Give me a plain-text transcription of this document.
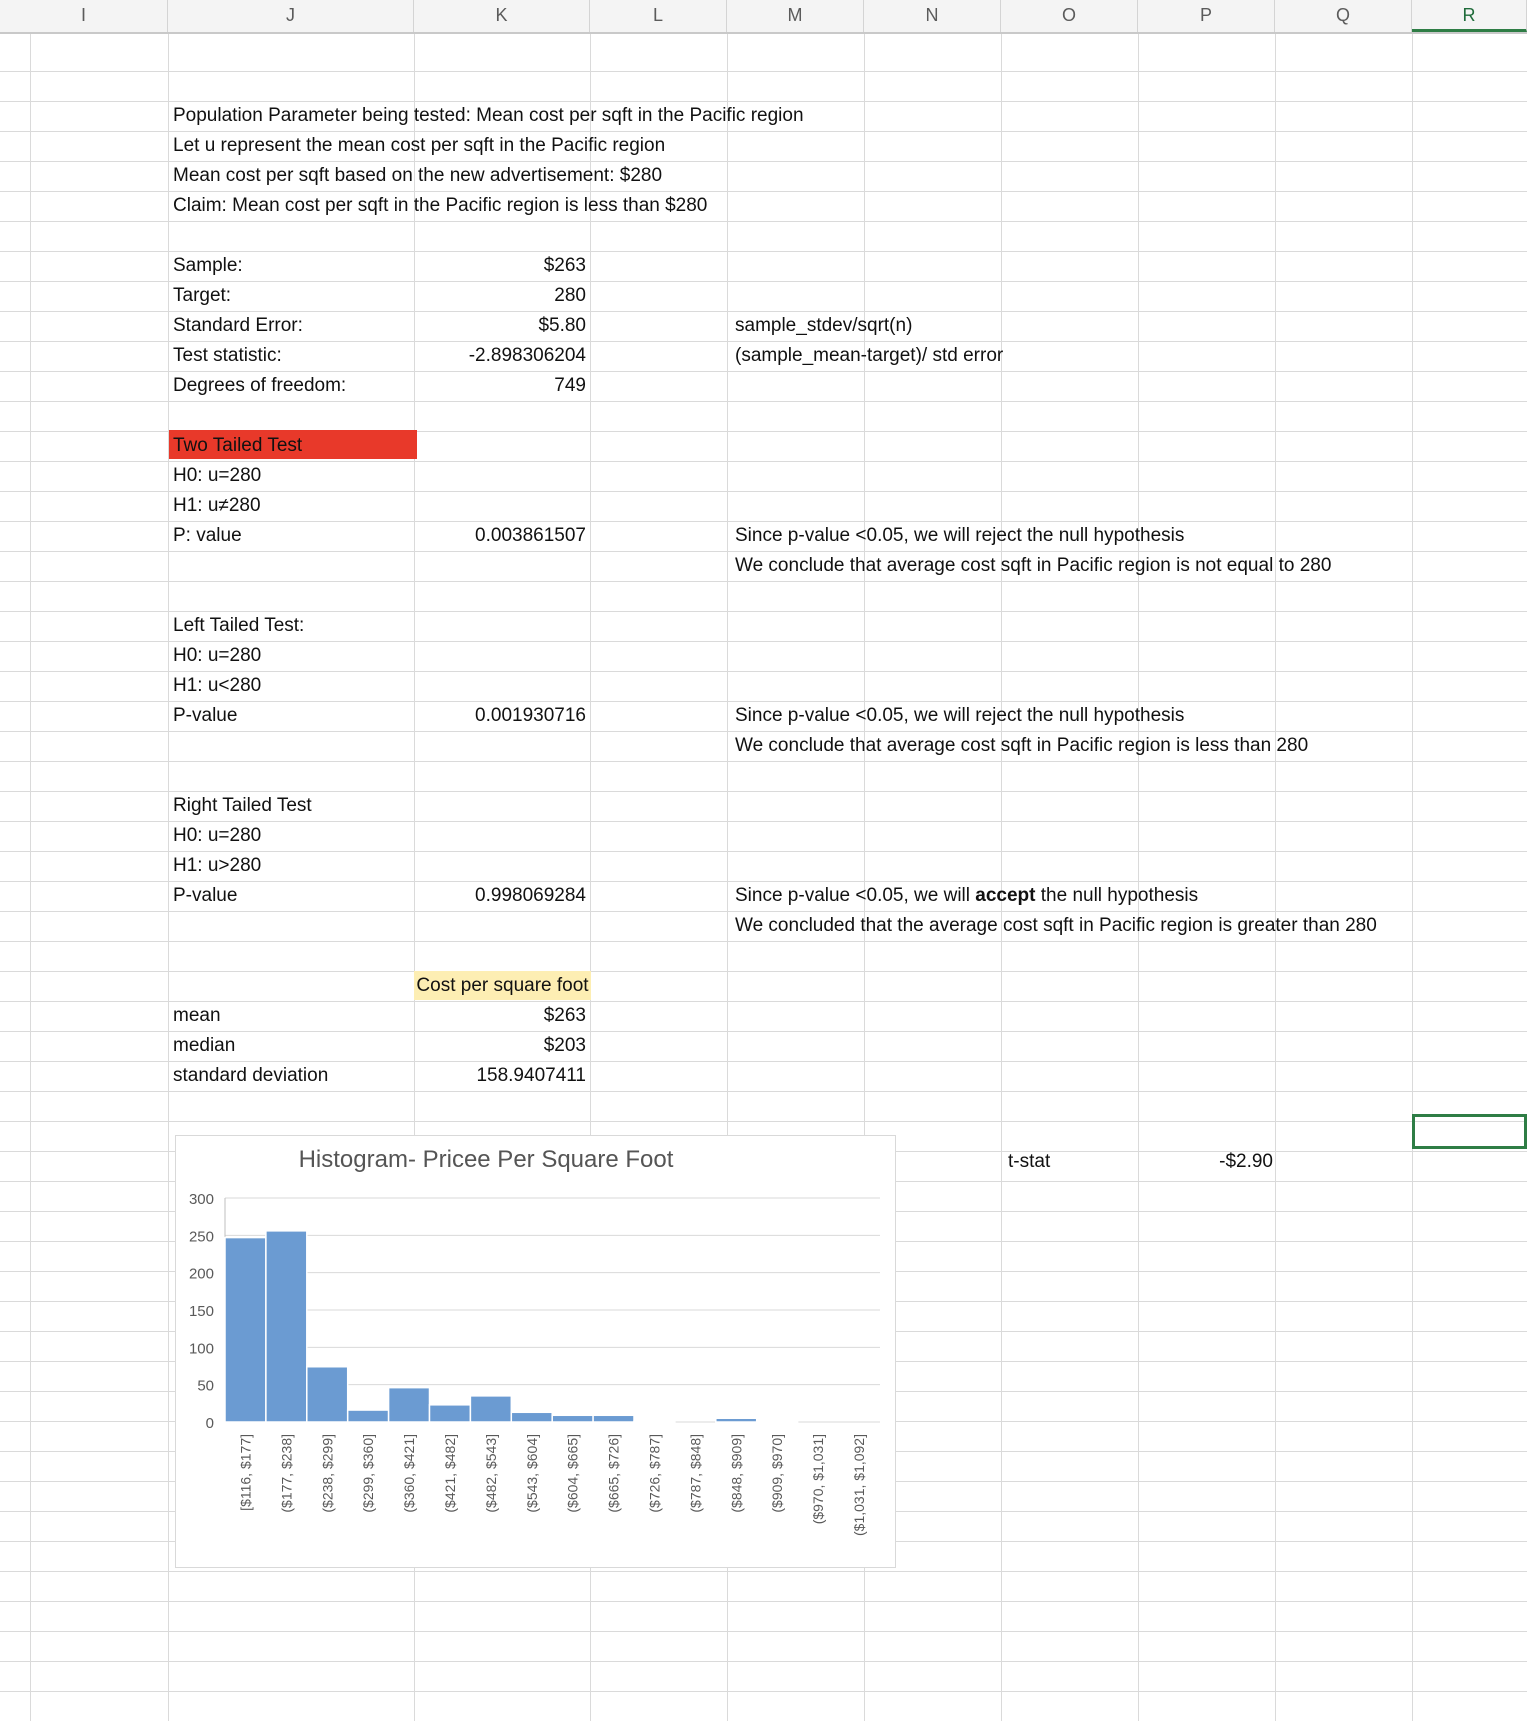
I	J	K	L	M	N	O	P	Q	R
Population Parameter being tested: Mean cost per sqft in the Pacific region
Let u represent the mean cost per sqft in the Pacific region
Mean cost per sqft based on the new advertisement: $280
Claim: Mean cost per sqft in the Pacific region is less than $280
Sample:	$263
Target:	280
Standard Error:	$5.80	sample_stdev/sqrt(n)
Test statistic:	-2.898306204	(sample_mean-target)/ std error
Degrees of freedom:	749
Two Tailed Test
H0: u=280
H1: u≠280
P: value	0.003861507	Since p-value <0.05, we will reject the null hypothesis
We conclude that average cost sqft in Pacific region is not equal to 280
Left Tailed Test:
H0: u=280
H1: u<280
P-value	0.001930716	Since p-value <0.05, we will reject the null hypothesis
We conclude that average cost sqft in Pacific region is less than 280
Right Tailed Test
H0: u=280
H1: u>280
P-value	0.998069284	Since p-value <0.05, we will accept the null hypothesis
We concluded that the average cost sqft in Pacific region is greater than 280
Cost per square foot
mean	$263
median	$203
standard deviation	158.9407411
t-stat	-$2.90
Histogram- Pricee Per Square Foot
0
50
100
150
200
250
300
[$116, $177] ($177, $238] ($238, $299] ($299, $360] ($360, $421] ($421, $482] ($482, $543] ($543, $604] ($604, $665] ($665, $726] ($726, $787] ($787, $848] ($848, $909] ($909, $970] ($970, $1,031] ($1,031, $1,092]
